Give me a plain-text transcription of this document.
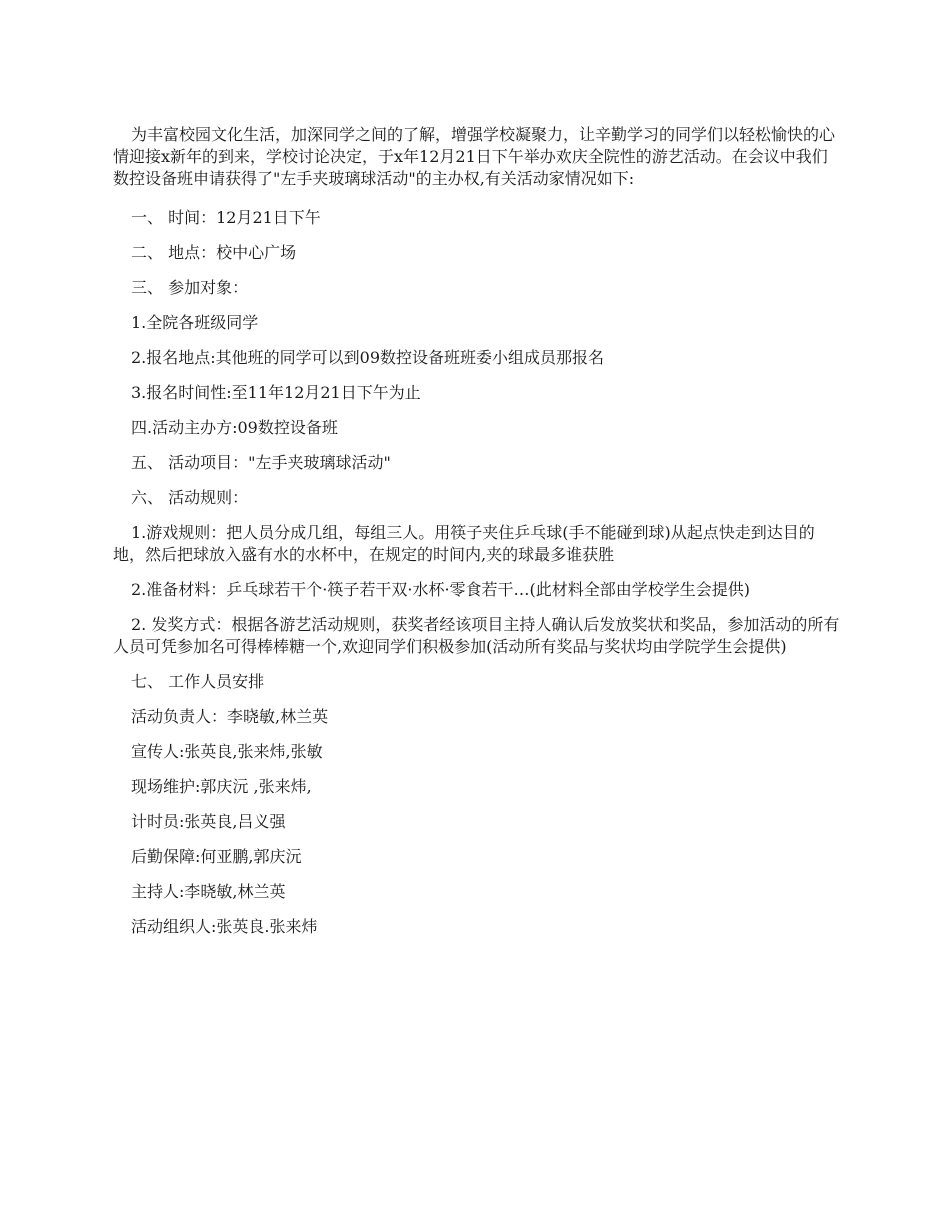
为丰富校园文化生活，加深同学之间的了解，增强学校凝聚力，让辛勤学习的同学们以轻松愉快的心情迎接x新年的到来，学校讨论决定，于x年12月21日下午举办欢庆全院性的游艺活动。在会议中我们数控设备班申请获得了"左手夹玻璃球活动"的主办权,有关活动家情况如下:

一、 时间：12月21日下午

二、 地点：校中心广场

三、 参加对象：

1.全院各班级同学

2.报名地点:其他班的同学可以到09数控设备班班委小组成员那报名

3.报名时间性:至11年12月21日下午为止

四.活动主办方:09数控设备班

五、 活动项目："左手夹玻璃球活动"

六、 活动规则：

1.游戏规则：把人员分成几组，每组三人。用筷子夹住乒乓球(手不能碰到球)从起点快走到达目的地，然后把球放入盛有水的水杯中，在规定的时间内,夹的球最多谁获胜

2.准备材料：乒乓球若干个·筷子若干双·水杯·零食若干…(此材料全部由学校学生会提供)

2. 发奖方式：根据各游艺活动规则，获奖者经该项目主持人确认后发放奖状和奖品，参加活动的所有人员可凭参加名可得棒棒糖一个,欢迎同学们积极参加(活动所有奖品与奖状均由学院学生会提供)

七、 工作人员安排

活动负责人：李晓敏,林兰英

宣传人:张英良,张来炜,张敏

现场维护:郭庆沅 ,张来炜,

计时员:张英良,吕义强

后勤保障:何亚鹏,郭庆沅

主持人:李晓敏,林兰英

活动组织人:张英良.张来炜
